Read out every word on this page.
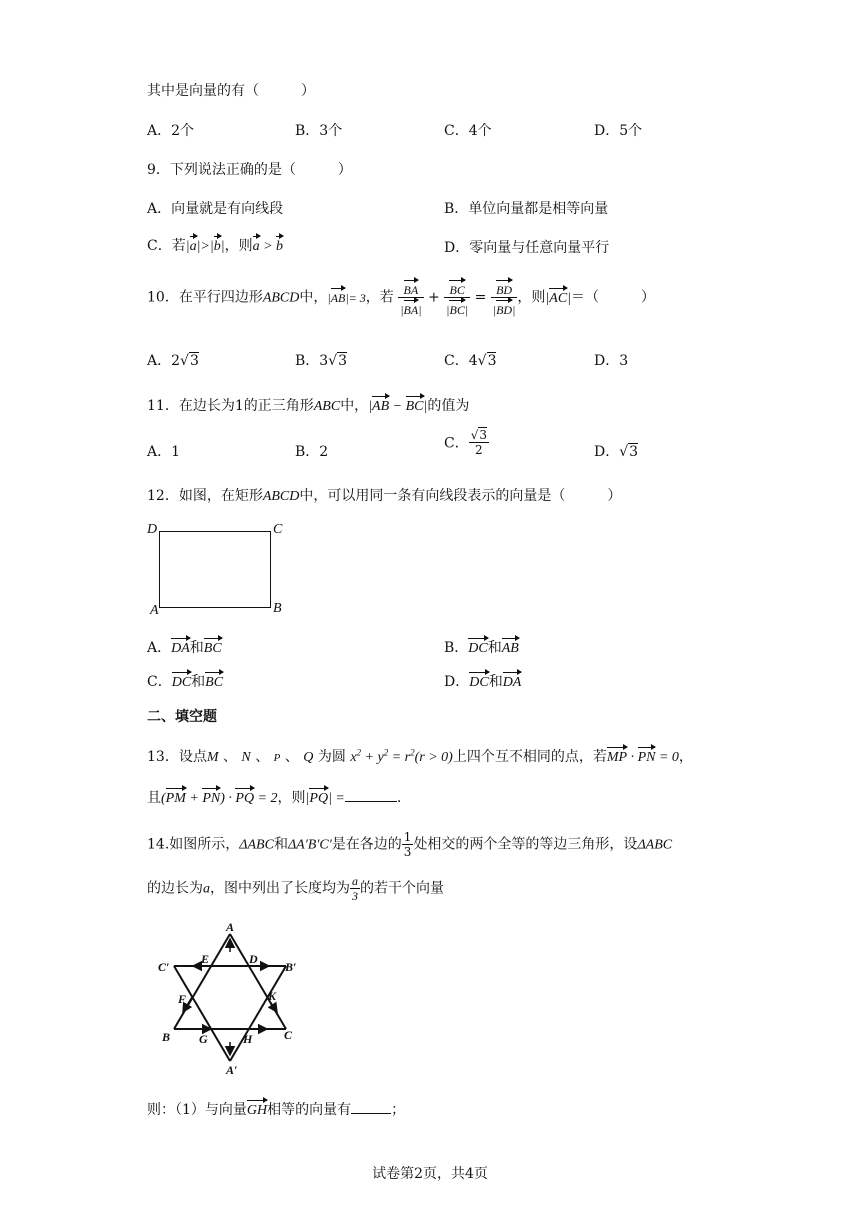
其中是向量的有（　　　）
A．2个	B．3个	C．4个	D．5个
9．下列说法正确的是（　　　）
A．向量就是有向线段	B．单位向量都是相等向量
C．若|a|>|b|，则a > b	D．零向量与任意向量平行
10．在平行四边形ABCD中，|AB|= 3，若 $\frac{BA}{|BA|} + \frac{BC}{|BC|} = \frac{BD}{|BD|}$ ，则|AC|＝（　　　）
A．2√3	B．3√3	C．4√3	D．3
11．在边长为1的正三角形ABC中，|AB − BC|的值为
A．1	B．2
C． $\frac{√3}{2}$	D．√3
12．如图，在矩形ABCD中，可以用同一条有向线段表示的向量是（　　　）
D	C
A	B
A．DA和BC	B．DC和AB
C．DC和BC	D．DC和DA
二、填空题
13．设点M 、 N 、 P 、 Q 为圆 $x^2 + y^2 = r^2(r > 0)$上四个互不相同的点，若MP · PN = 0，
且(PM + PN) · PQ = 2，则|PQ| =	.
14.如图所示，ΔABC和ΔA′B′C′是在各边的 $\frac{1}{3}$ 处相交的两个全等的等边三角形，设ΔABC
的边长为a，图中列出了长度均为 $\frac{a}{3}$ 的若干个向量
A
E	D
C′	B′
F	K
B G	H	C
A′
则：（1）与向量GH相等的向量有	；
试卷第2页，共4页
